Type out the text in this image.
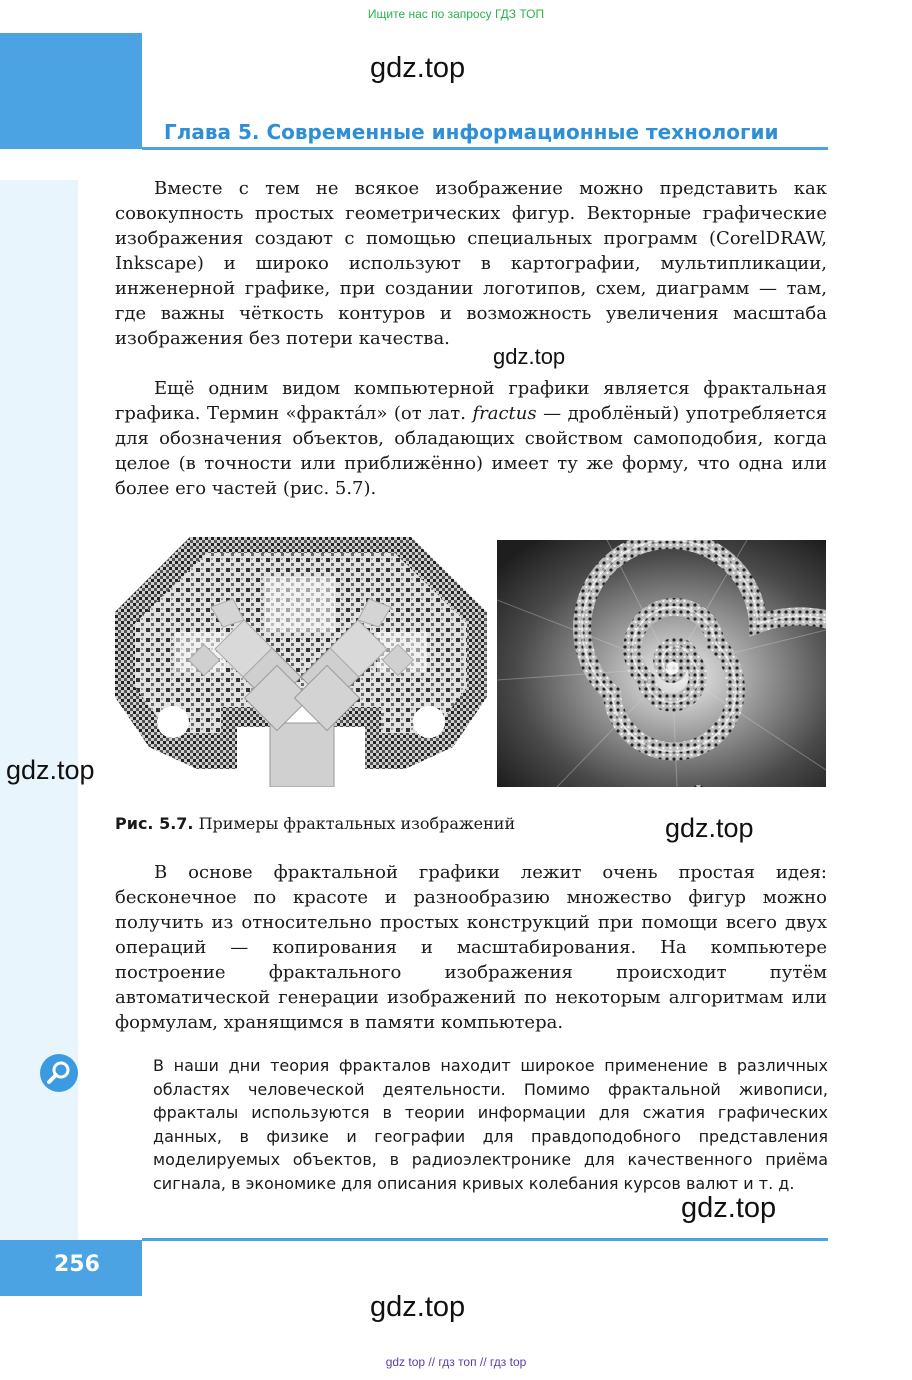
Ищите нас по запросу ГДЗ ТОП
Глава 5. Современные информационные технологии
gdz.top
gdz.top
gdz.top
gdz.top
gdz.top
gdz.top

Вместе с тем не всякое изображение можно представить как совокупность простых геометрических фигур. Векторные графические изображения создают с помощью специальных программ (CorelDRAW, Inkscape) и широко используют в картографии, мультипликации, инженерной графике, при создании логотипов, схем, диаграмм — там, где важны чёткость контуров и возможность увеличения масштаба изображения без потери качества.

Ещё одним видом компьютерной графики является фрактальная графика. Термин «фракта́л» (от лат. fractus — дроблёный) употребляется для обозначения объектов, обладающих свойством самоподобия, когда целое (в точности или приближённо) имеет ту же форму, что одна или более его частей (рис. 5.7).

Рис. 5.7. Примеры фрактальных изображений

В основе фрактальной графики лежит очень простая идея: бесконечное по красоте и разнообразию множество фигур можно получить из относительно простых конструкций при помощи всего двух операций — копирования и масштабирования. На компьютере построение фрактального изображения происходит путём автоматической генерации изображений по некоторым алгоритмам или формулам, хранящимся в памяти компьютера.

В наши дни теория фракталов находит широкое применение в различных областях человеческой деятельности. Помимо фрактальной живописи, фракталы используются в теории информации для сжатия графических данных, в физике и географии для правдоподобного представления моделируемых объектов, в радиоэлектронике для качественного приёма сигнала, в экономике для описания кривых колебания курсов валют и т. д.

256
gdz top // гдз топ // гдз top
